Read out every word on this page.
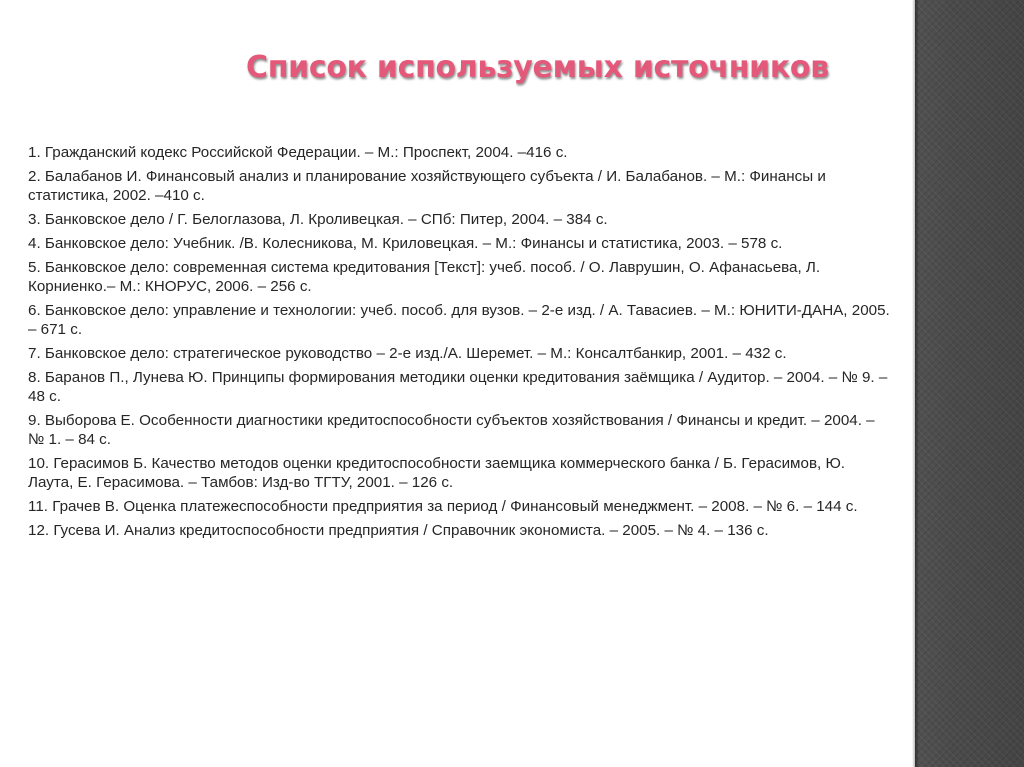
Список используемых источников
1. Гражданский кодекс Российской Федерации. – М.: Проспект, 2004. –416 с.
2. Балабанов И. Финансовый анализ и планирование хозяйствующего субъекта / И. Балабанов. – М.: Финансы и статистика, 2002. –410 с.
3. Банковское дело / Г. Белоглазова, Л. Кроливецкая. – СПб: Питер, 2004. – 384 с.
4. Банковское дело: Учебник. /В. Колесникова, М. Криловецкая. – М.: Финансы и статистика, 2003. – 578 с.
5. Банковское дело: современная система кредитования [Текст]: учеб. пособ. / О. Лаврушин, О. Афанасьева, Л. Корниенко.– М.: КНОРУС, 2006. – 256 с.
6. Банковское дело: управление и технологии: учеб. пособ. для вузов. – 2-е изд. / А. Тавасиев. – М.: ЮНИТИ-ДАНА, 2005. – 671 с.
7. Банковское дело: стратегическое руководство – 2-е изд./А. Шеремет. – М.: Консалтбанкир, 2001. – 432 с.
8. Баранов П., Лунева Ю. Принципы формирования методики оценки кредитования заёмщика / Аудитор. – 2004. – № 9. – 48 с.
9. Выборова Е. Особенности диагностики кредитоспособности субъектов хозяйствования / Финансы и кредит. – 2004. – № 1. – 84 с.
10. Герасимов Б. Качество методов оценки кредитоспособности заемщика коммерческого банка / Б. Герасимов, Ю. Лаута, Е. Герасимова. – Тамбов: Изд-во ТГТУ, 2001. – 126 с.
11. Грачев В. Оценка платежеспособности предприятия за период / Финансовый менеджмент. – 2008. – № 6. – 144 с.
12. Гусева И. Анализ кредитоспособности предприятия / Справочник экономиста. – 2005. – № 4. – 136 с.
